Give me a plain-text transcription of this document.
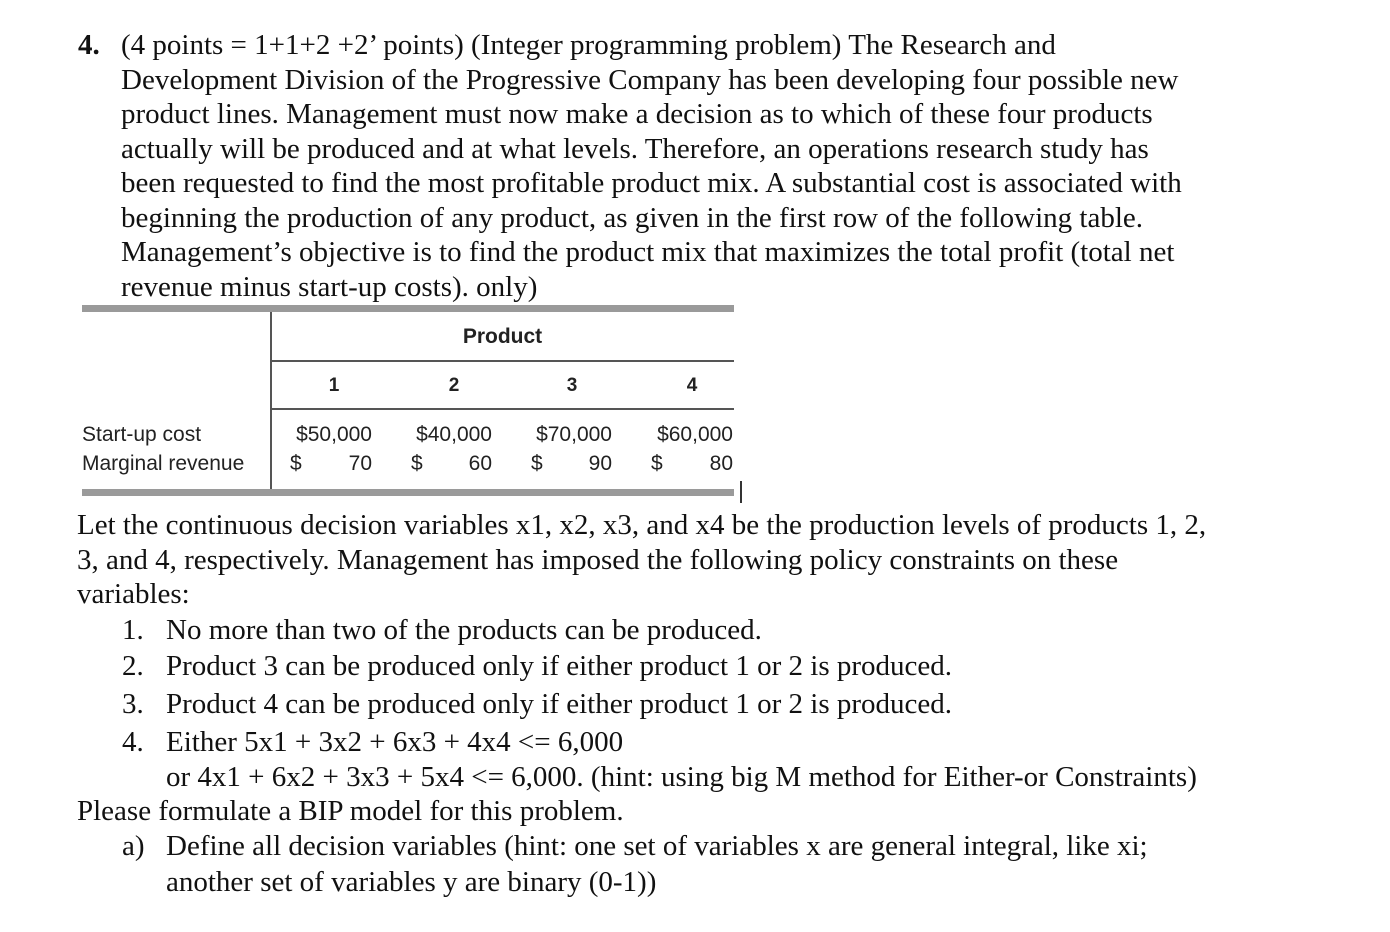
4. (4 points = 1+1+2 +2’ points) (Integer programming problem) The Research and
Development Division of the Progressive Company has been developing four possible new
product lines. Management must now make a decision as to which of these four products
actually will be produced and at what levels. Therefore, an operations research study has
been requested to find the most profitable product mix. A substantial cost is associated with
beginning the production of any product, as given in the first row of the following table.
Management’s objective is to find the product mix that maximizes the total profit (total net
revenue minus start-up costs). only)
Product
1	2	3	4
Start-up cost	$50,000	$40,000	$70,000	$60,000
Marginal revenue $	70 $	60 $	90 $	80
Let the continuous decision variables x1, x2, x3, and x4 be the production levels of products 1, 2,
3, and 4, respectively. Management has imposed the following policy constraints on these
variables:
1. No more than two of the products can be produced.
2. Product 3 can be produced only if either product 1 or 2 is produced.
3. Product 4 can be produced only if either product 1 or 2 is produced.
4. Either 5x1 + 3x2 + 6x3 + 4x4 <= 6,000
or 4x1 + 6x2 + 3x3 + 5x4 <= 6,000. (hint: using big M method for Either-or Constraints)
Please formulate a BIP model for this problem.
a) Define all decision variables (hint: one set of variables x are general integral, like xi;
another set of variables y are binary (0-1))
